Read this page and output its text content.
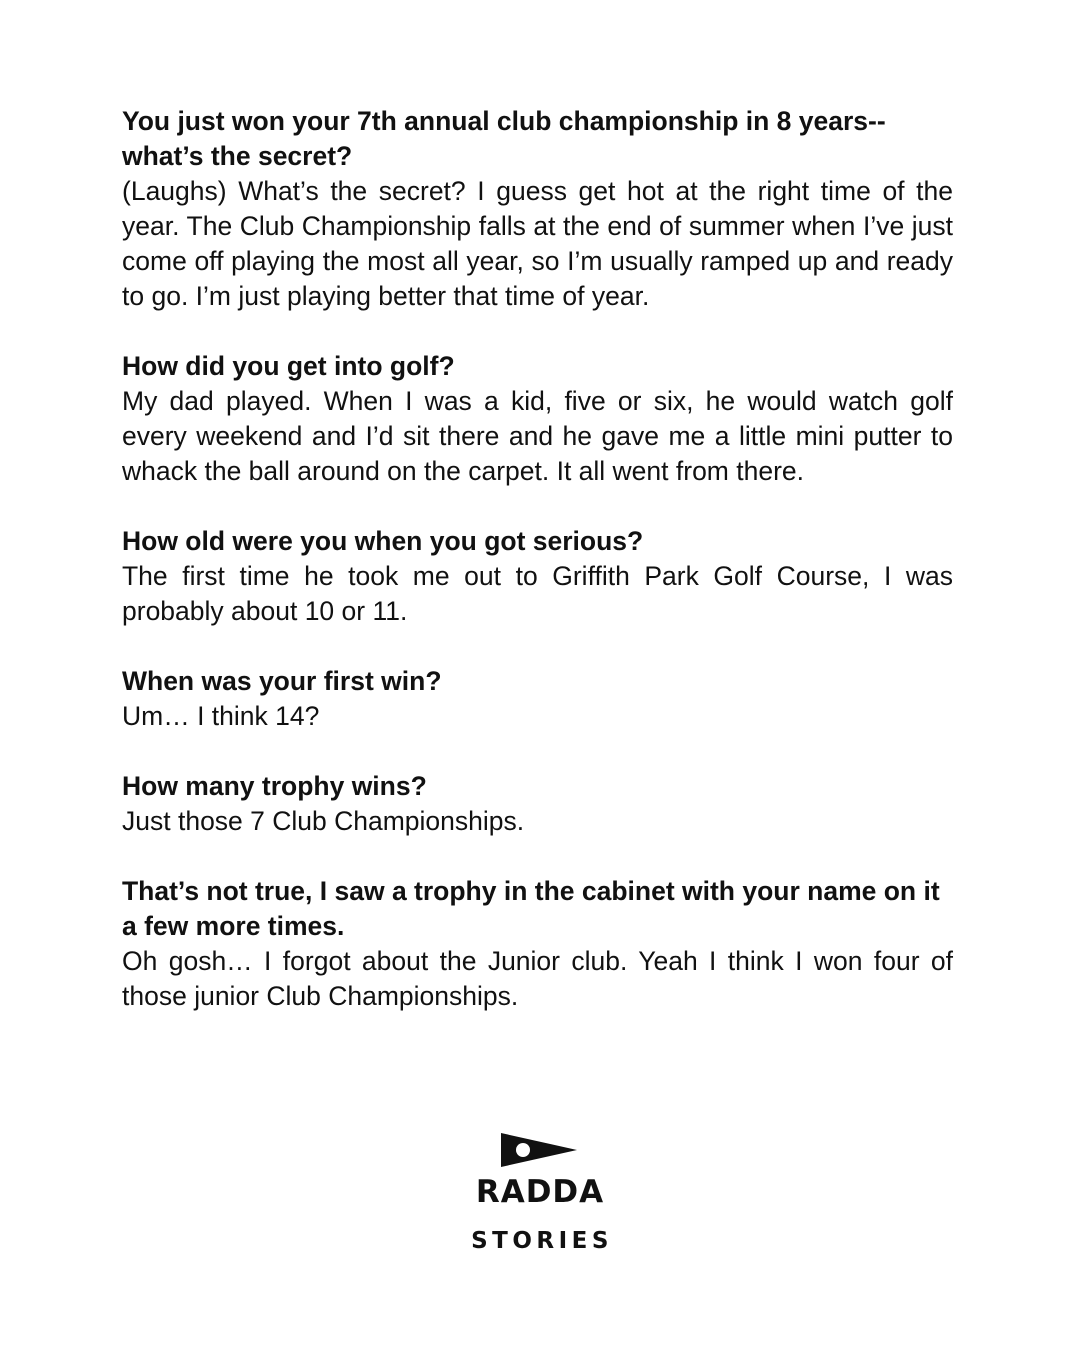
You just won your 7th annual club championship in 8 years--what’s the secret?

(Laughs) What’s the secret? I guess get hot at the right time of the year. The Club Championship falls at the end of summer when I’ve just come off playing the most all year, so I’m usually ramped up and ready to go. I’m just playing better that time of year.

How did you get into golf?

My dad played. When I was a kid, five or six, he would watch golf every weekend and I’d sit there and he gave me a little mini putter to whack the ball around on the carpet. It all went from there.

How old were you when you got serious?

The first time he took me out to Griffith Park Golf Course, I was probably about 10 or 11.

When was your first win?

Um… I think 14?

How many trophy wins?

Just those 7 Club Championships.

That’s not true, I saw a trophy in the cabinet with your name on it a few more times.

Oh gosh… I forgot about the Junior club. Yeah I think I won four of those junior Club Championships.

RADDA
STORIES
